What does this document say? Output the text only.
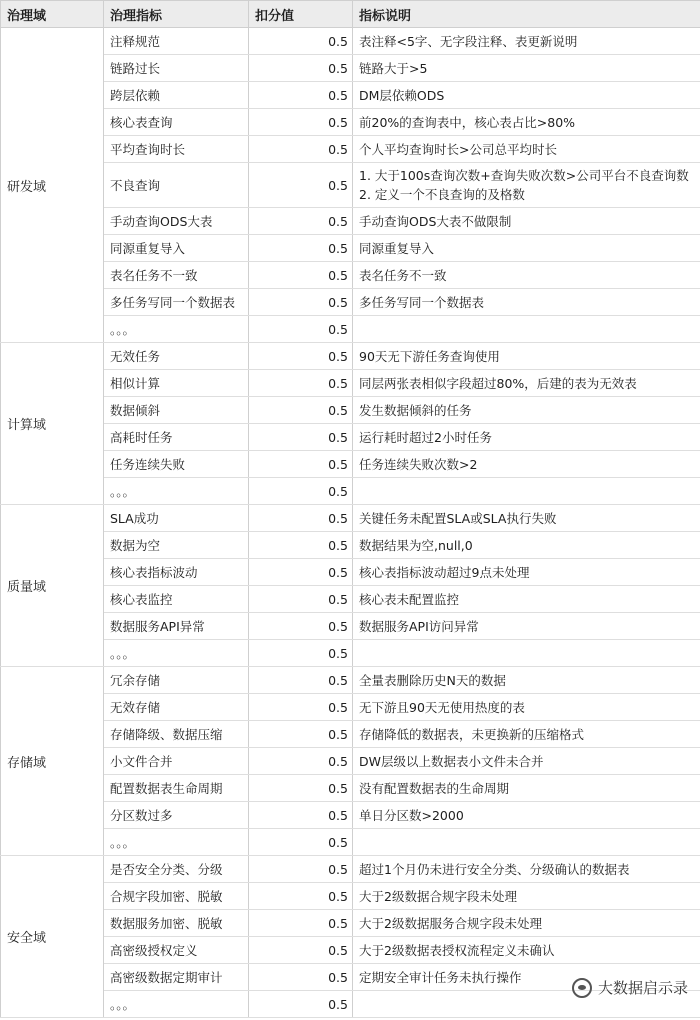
治理域	治理指标	扣分值	指标说明
研发域	注释规范	0.5	表注释<5字、无字段注释、表更新说明
	链路过长	0.5	链路大于>5
	跨层依赖	0.5	DM层依赖ODS
	核心表查询	0.5	前20%的查询表中，核心表占比>80%
	平均查询时长	0.5	个人平均查询时长>公司总平均时长
	不良查询	0.5	1. 大于100s查询次数+查询失败次数>公司平台不良查询数
2. 定义一个不良查询的及格数
	手动查询ODS大表	0.5	手动查询ODS大表不做限制
	同源重复导入	0.5	同源重复导入
	表名任务不一致	0.5	表名任务不一致
	多任务写同一个数据表	0.5	多任务写同一个数据表
	。。。	0.5	
计算域	无效任务	0.5	90天无下游任务查询使用
	相似计算	0.5	同层两张表相似字段超过80%，后建的表为无效表
	数据倾斜	0.5	发生数据倾斜的任务
	高耗时任务	0.5	运行耗时超过2小时任务
	任务连续失败	0.5	任务连续失败次数>2
	。。。	0.5	
质量域	SLA成功	0.5	关键任务未配置SLA或SLA执行失败
	数据为空	0.5	数据结果为空,null,0
	核心表指标波动	0.5	核心表指标波动超过9点未处理
	核心表监控	0.5	核心表未配置监控
	数据服务API异常	0.5	数据服务API访问异常
	。。。	0.5	
存储域	冗余存储	0.5	全量表删除历史N天的数据
	无效存储	0.5	无下游且90天无使用热度的表
	存储降级、数据压缩	0.5	存储降低的数据表，未更换新的压缩格式
	小文件合并	0.5	DW层级以上数据表小文件未合并
	配置数据表生命周期	0.5	没有配置数据表的生命周期
	分区数过多	0.5	单日分区数>2000
	。。。	0.5	
安全域	是否安全分类、分级	0.5	超过1个月仍未进行安全分类、分级确认的数据表
	合规字段加密、脱敏	0.5	大于2级数据合规字段未处理
	数据服务加密、脱敏	0.5	大于2级数据服务合规字段未处理
	高密级授权定义	0.5	大于2级数据表授权流程定义未确认
	高密级数据定期审计	0.5	定期安全审计任务未执行操作
	。。。	0.5	
大数据启示录
